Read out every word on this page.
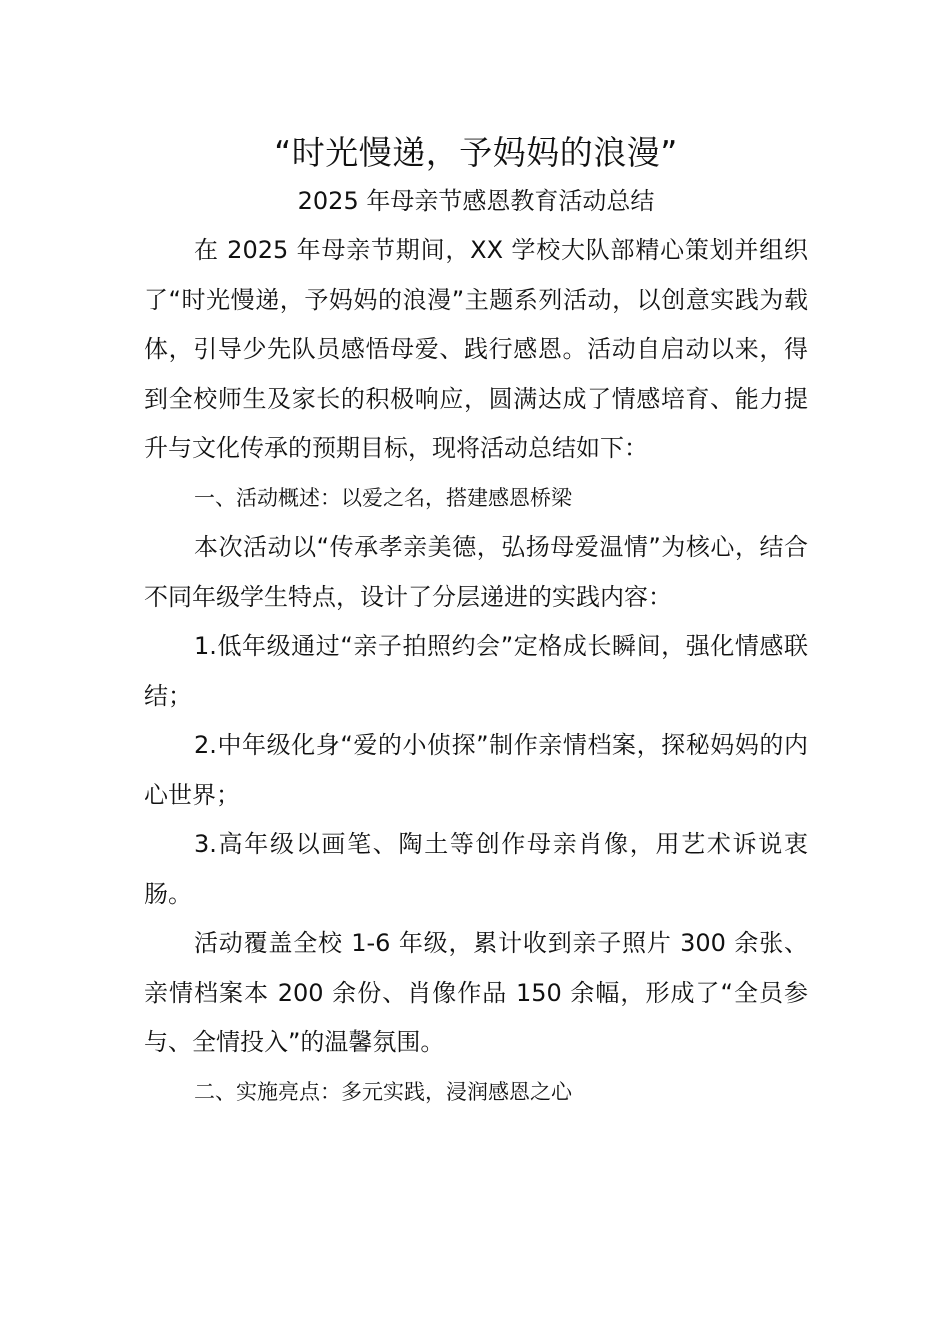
“时光慢递，予妈妈的浪漫”
2025 年母亲节感恩教育活动总结

在 2025 年母亲节期间，XX 学校大队部精心策划并组织了“时光慢递，予妈妈的浪漫”主题系列活动，以创意实践为载体，引导少先队员感悟母爱、践行感恩。活动自启动以来，得到全校师生及家长的积极响应，圆满达成了情感培育、能力提升与文化传承的预期目标，现将活动总结如下：

一、活动概述：以爱之名，搭建感恩桥梁

本次活动以“传承孝亲美德，弘扬母爱温情”为核心，结合不同年级学生特点，设计了分层递进的实践内容：

1.低年级通过“亲子拍照约会”定格成长瞬间，强化情感联结；

2.中年级化身“爱的小侦探”制作亲情档案，探秘妈妈的内心世界；

3.高年级以画笔、陶土等创作母亲肖像，用艺术诉说衷肠。

活动覆盖全校 1-6 年级，累计收到亲子照片 300 余张、亲情档案本 200 余份、肖像作品 150 余幅，形成了“全员参与、全情投入”的温馨氛围。

二、实施亮点：多元实践，浸润感恩之心
